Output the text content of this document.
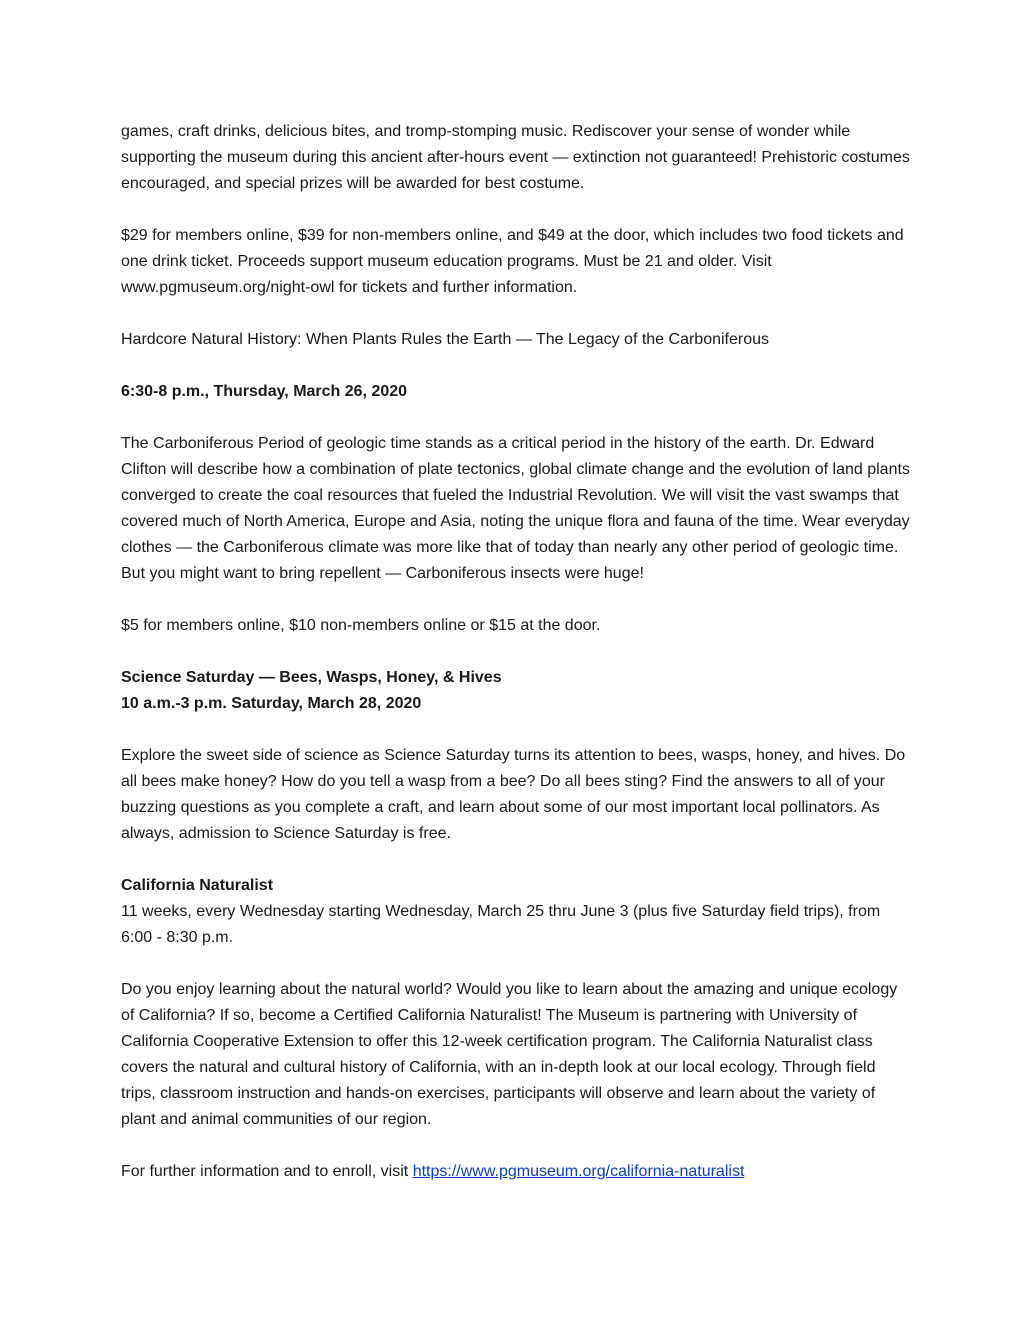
games, craft drinks, delicious bites, and tromp-stomping music. Rediscover your sense of wonder while supporting the museum during this ancient after-hours event — extinction not guaranteed! Prehistoric costumes encouraged, and special prizes will be awarded for best costume.

$29 for members online, $39 for non-members online, and $49 at the door, which includes two food tickets and one drink ticket. Proceeds support museum education programs. Must be 21 and older. Visit www.pgmuseum.org/night-owl for tickets and further information.

Hardcore Natural History: When Plants Rules the Earth — The Legacy of the Carboniferous

6:30-8 p.m., Thursday, March 26, 2020

The Carboniferous Period of geologic time stands as a critical period in the history of the earth. Dr. Edward Clifton will describe how a combination of plate tectonics, global climate change and the evolution of land plants converged to create the coal resources that fueled the Industrial Revolution. We will visit the vast swamps that covered much of North America, Europe and Asia, noting the unique flora and fauna of the time. Wear everyday clothes — the Carboniferous climate was more like that of today than nearly any other period of geologic time. But you might want to bring repellent — Carboniferous insects were huge!

$5 for members online, $10 non-members online or $15 at the door.

Science Saturday — Bees, Wasps, Honey, & Hives
10 a.m.-3 p.m. Saturday, March 28, 2020

Explore the sweet side of science as Science Saturday turns its attention to bees, wasps, honey, and hives. Do all bees make honey? How do you tell a wasp from a bee? Do all bees sting? Find the answers to all of your buzzing questions as you complete a craft, and learn about some of our most important local pollinators. As always, admission to Science Saturday is free.

California Naturalist
11 weeks, every Wednesday starting Wednesday, March 25 thru June 3 (plus five Saturday field trips), from 6:00 - 8:30 p.m.

Do you enjoy learning about the natural world? Would you like to learn about the amazing and unique ecology of California? If so, become a Certified California Naturalist! The Museum is partnering with University of California Cooperative Extension to offer this 12-week certification program. The California Naturalist class covers the natural and cultural history of California, with an in-depth look at our local ecology. Through field trips, classroom instruction and hands-on exercises, participants will observe and learn about the variety of plant and animal communities of our region.

For further information and to enroll, visit https://www.pgmuseum.org/california-naturalist
